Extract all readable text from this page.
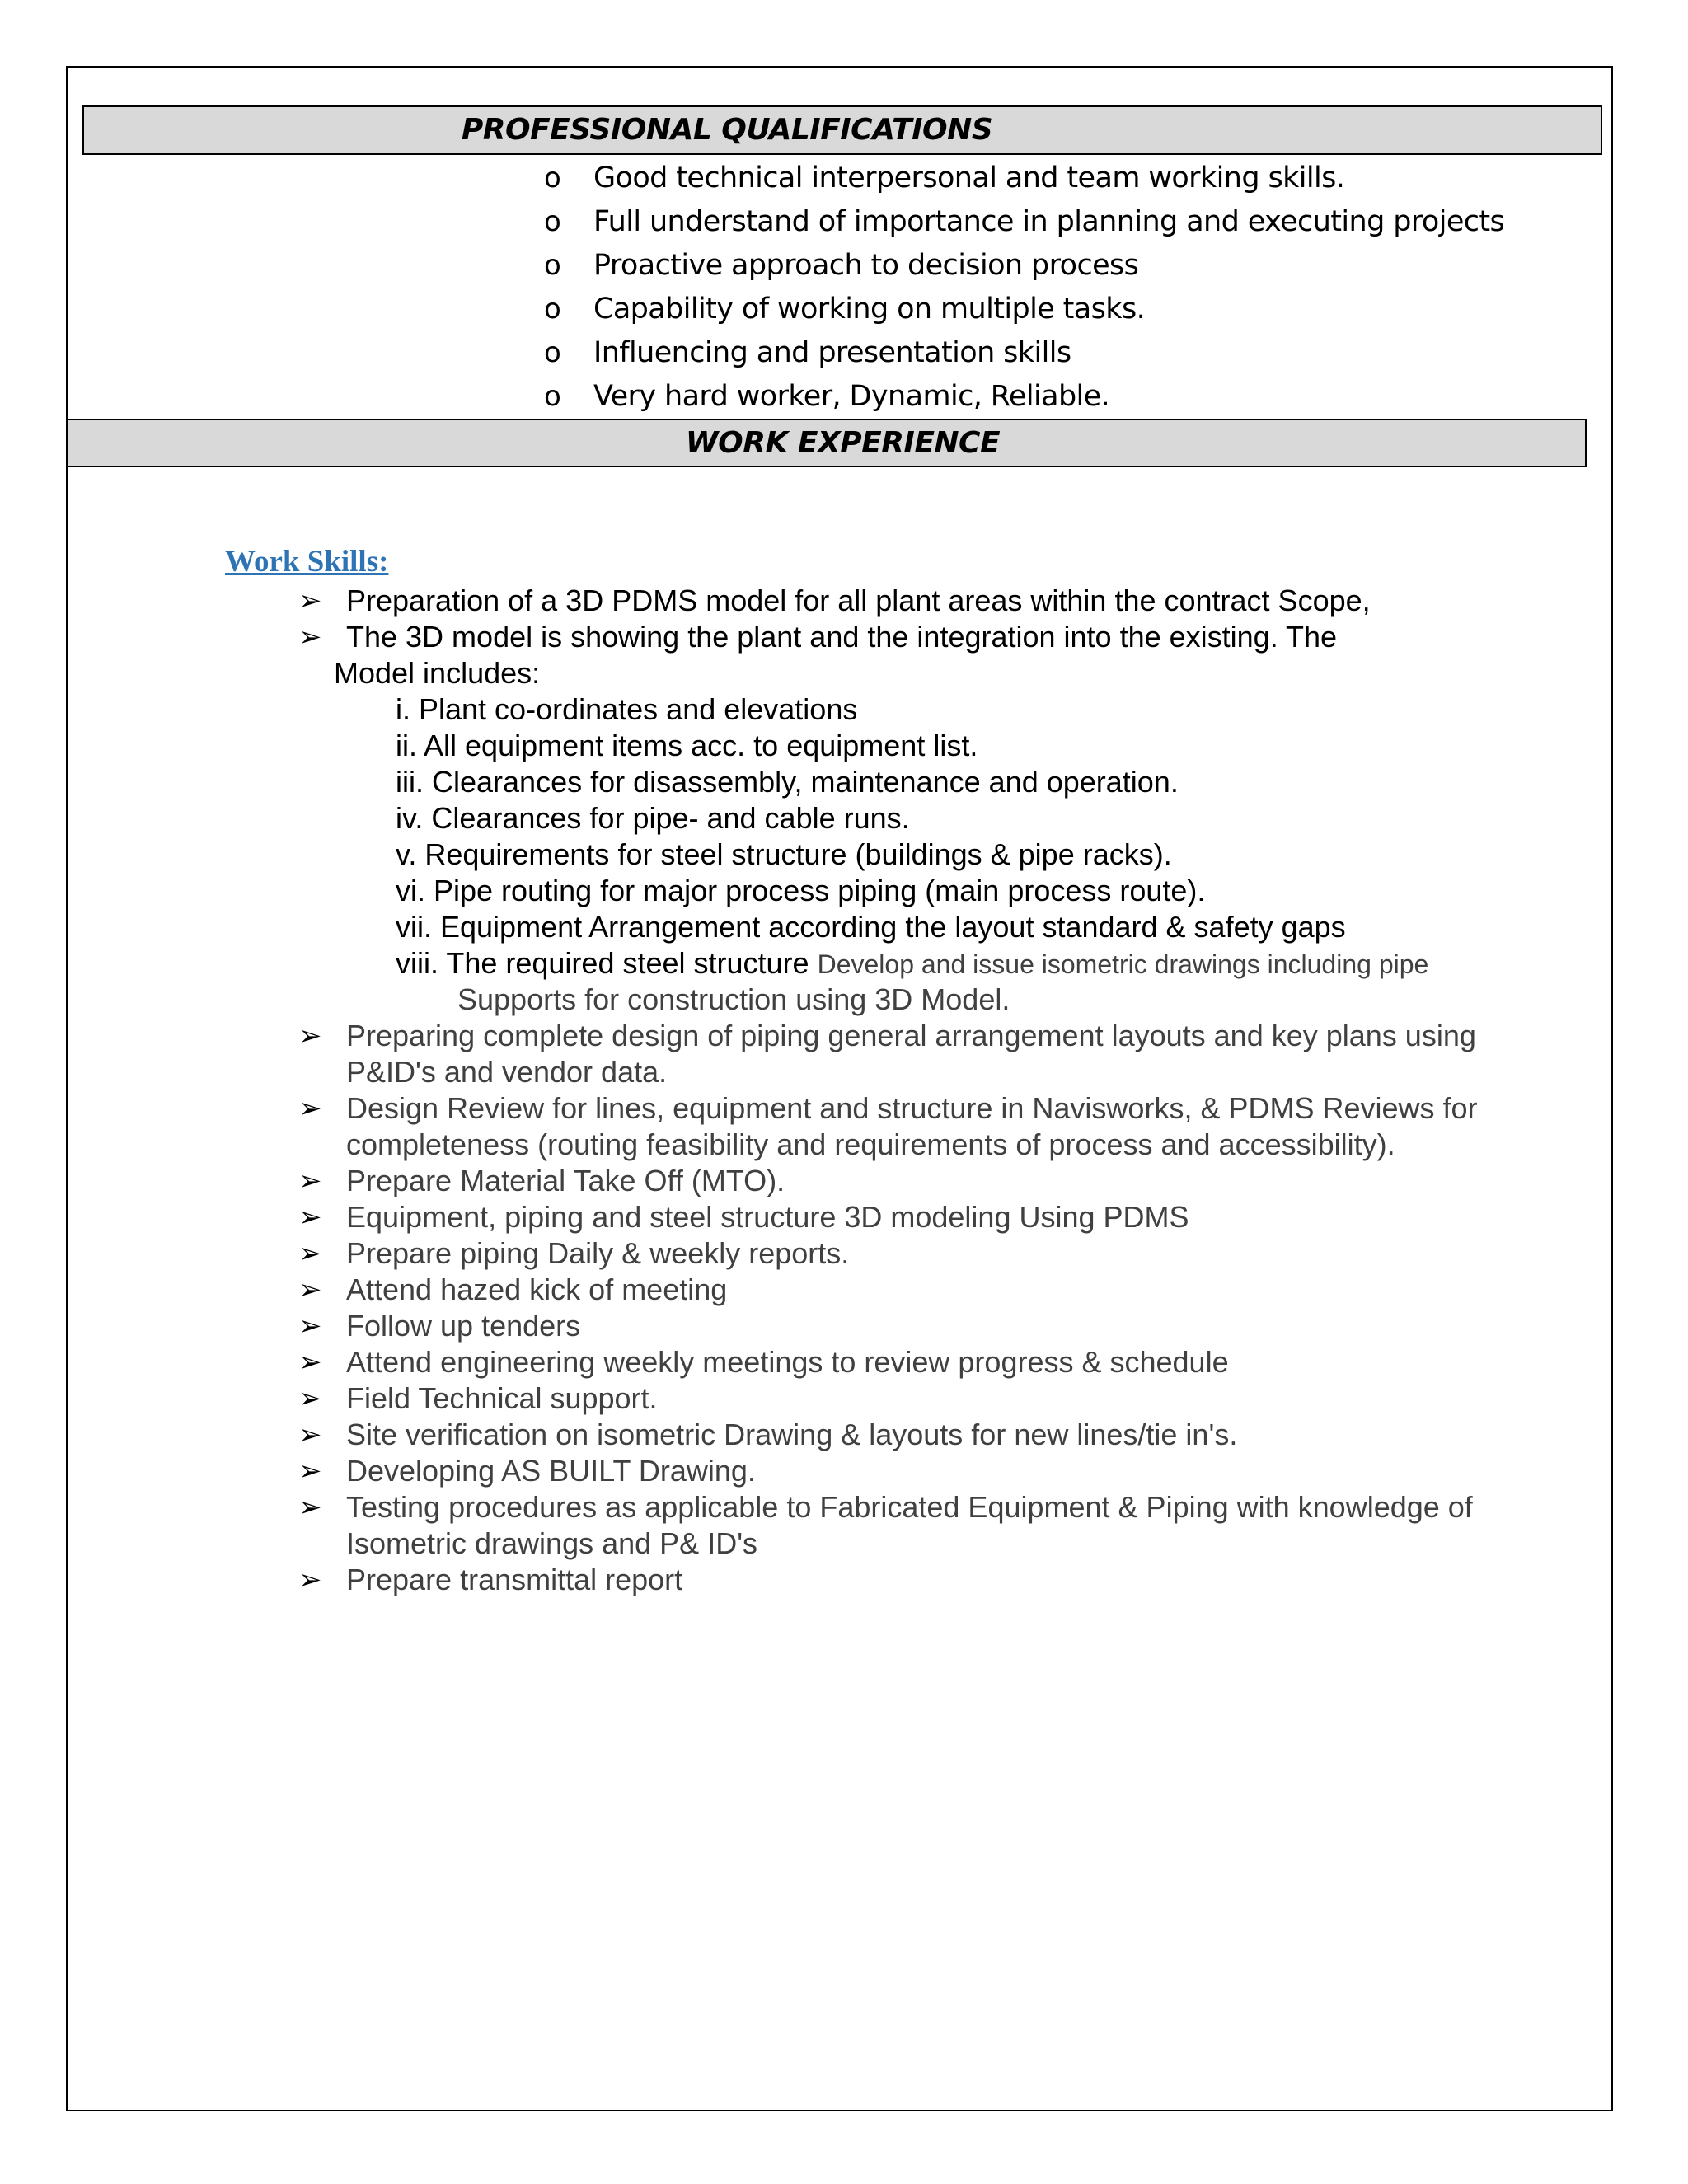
PROFESSIONAL QUALIFICATIONS
o Good technical interpersonal and team working skills.
o Full understand of importance in planning and executing projects
o Proactive approach to decision process
o Capability of working on multiple tasks.
o Influencing and presentation skills
o Very hard worker, Dynamic, Reliable.
WORK EXPERIENCE
Work Skills:
➢ Preparation of a 3D PDMS model for all plant areas within the contract Scope,
➢ The 3D model is showing the plant and the integration into the existing. The
Model includes:
i. Plant co-ordinates and elevations
ii. All equipment items acc. to equipment list.
iii. Clearances for disassembly, maintenance and operation.
iv. Clearances for pipe- and cable runs.
v. Requirements for steel structure (buildings & pipe racks).
vi. Pipe routing for major process piping (main process route).
vii. Equipment Arrangement according the layout standard & safety gaps
viii. The required steel structure Develop and issue isometric drawings including pipe
Supports for construction using 3D Model.
➢ Preparing complete design of piping general arrangement layouts and key plans using
P&ID's and vendor data.
➢ Design Review for lines, equipment and structure in Navisworks, & PDMS Reviews for
completeness (routing feasibility and requirements of process and accessibility).
➢ Prepare Material Take Off (MTO).
➢ Equipment, piping and steel structure 3D modeling Using PDMS
➢ Prepare piping Daily & weekly reports.
➢ Attend hazed kick of meeting
➢ Follow up tenders
➢ Attend engineering weekly meetings to review progress & schedule
➢ Field Technical support.
➢ Site verification on isometric Drawing & layouts for new lines/tie in's.
➢ Developing AS BUILT Drawing.
➢ Testing procedures as applicable to Fabricated Equipment & Piping with knowledge of
Isometric drawings and P& ID's
➢ Prepare transmittal report
